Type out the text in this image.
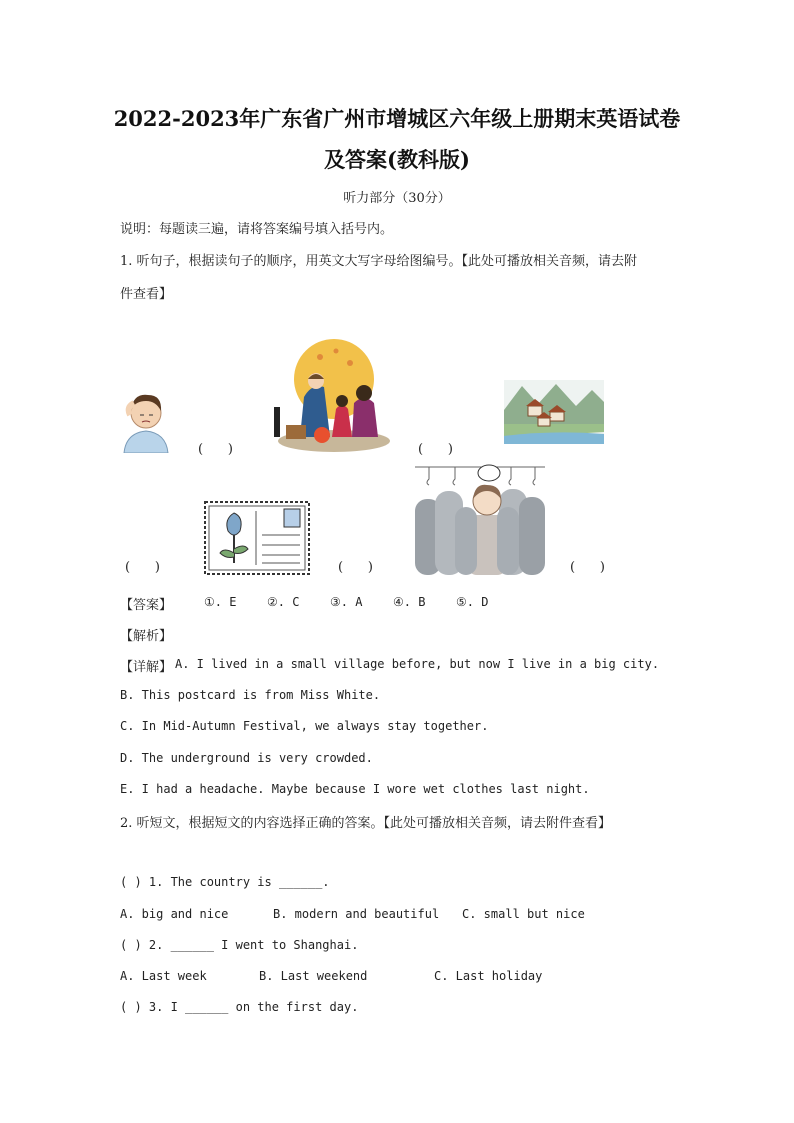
2022-2023年广东省广州市增城区六年级上册期末英语试卷
及答案(教科版)
听力部分（30分）
说明：每题读三遍，请将答案编号填入括号内。
1. 听句子，根据读句子的顺序，用英文大写字母给图编号。【此处可播放相关音频，请去附
件查看】
(      )	(      )
(      )	(      )	(      )
【答案】	①. E	②. C	③. A	④. B	⑤. D
【解析】
【详解】 A. I lived in a small village before, but now I live in a big city.
B. This postcard is from Miss White.
C. In Mid-Autumn Festival, we always stay together.
D. The underground is very crowded.
E. I had a headache. Maybe because I wore wet clothes last night.
2. 听短文，根据短文的内容选择正确的答案。【此处可播放相关音频，请去附件查看】
( ) 1. The country is ______.
A. big and nice	B. modern and beautiful C. small but nice
( ) 2. ______ I went to Shanghai.
A. Last week	B. Last weekend	C. Last holiday
( ) 3. I ______ on the first day.
